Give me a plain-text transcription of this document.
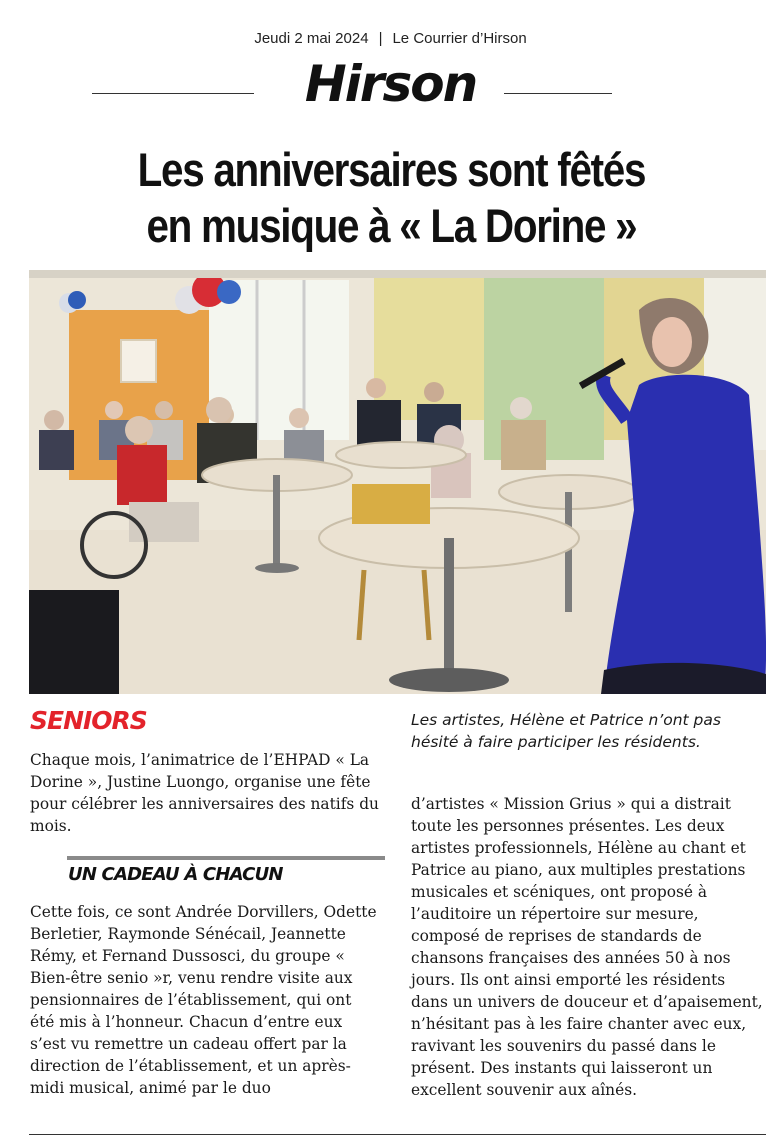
Jeudi 2 mai 2024 | Le Courrier d’Hirson
Hirson
Les anniversaires sont fêtés
en musique à « La Dorine »
SENIORS	Les artistes, Hélène et Patrice n’ont pas hésité à faire participer les résidents.
Chaque mois, l’animatrice de l’EHPAD « La Dorine », Justine Luongo, organise une fête pour célébrer les anniversaires des natifs du mois.
UN CADEAU À CHACUN
Cette fois, ce sont Andrée Dorvillers, Odette Berletier, Raymonde Sénécail, Jeannette Rémy, et Fernand Dussosci, du groupe « Bien-être senio »r, venu rendre visite aux pensionnaires de l’établissement, qui ont été mis à l’honneur. Chacun d’entre eux s’est vu remettre un cadeau offert par la direction de l’établissement, et un après-midi musical, animé par le duo
d’artistes « Mission Grius » qui a distrait toute les personnes présentes. Les deux artistes professionnels, Hélène au chant et Patrice au piano, aux multiples prestations musicales et scéniques, ont proposé à l’auditoire un répertoire sur mesure, composé de reprises de standards de chansons françaises des années 50 à nos jours. Ils ont ainsi emporté les résidents dans un univers de douceur et d’apaisement, n’hésitant pas à les faire chanter avec eux, ravivant les souvenirs du passé dans le présent. Des instants qui laisseront un excellent souvenir aux aînés.
